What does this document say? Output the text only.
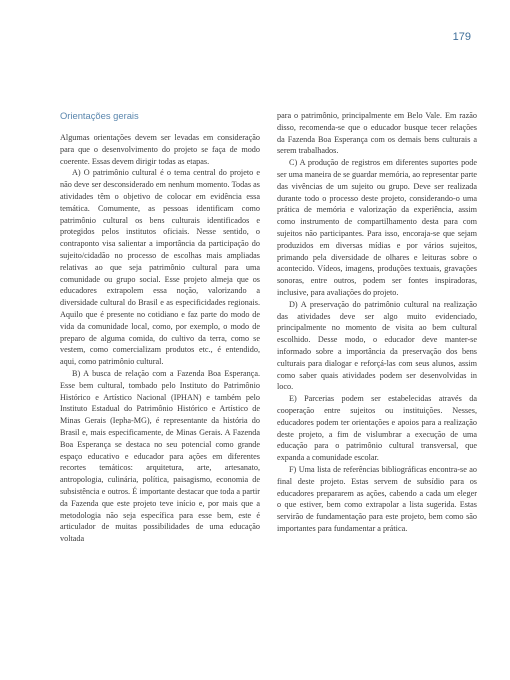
179
Orientações gerais

Algumas orientações devem ser levadas em consideração para que o desenvolvimento do projeto se faça de modo coerente. Essas devem dirigir todas as etapas.

A) O patrimônio cultural é o tema central do projeto e não deve ser desconsiderado em nenhum momento. Todas as atividades têm o objetivo de colocar em evidência essa temática. Comumente, as pessoas identificam como patrimônio cultural os bens culturais identificados e protegidos pelos institutos oficiais. Nesse sentido, o contraponto visa salientar a importância da participação do sujeito/cidadão no processo de escolhas mais ampliadas relativas ao que seja patrimônio cultural para uma comunidade ou grupo social. Esse projeto almeja que os educadores extrapolem essa noção, valorizando a diversidade cultural do Brasil e as especificidades regionais. Aquilo que é presente no cotidiano e faz parte do modo de vida da comunidade local, como, por exemplo, o modo de preparo de alguma comida, do cultivo da terra, como se vestem, como comercializam produtos etc., é entendido, aqui, como patrimônio cultural.

B) A busca de relação com a Fazenda Boa Esperança. Esse bem cultural, tombado pelo Instituto do Patrimônio Histórico e Artístico Nacional (IPHAN) e também pelo Instituto Estadual do Patrimônio Histórico e Artístico de Minas Gerais (Iepha-MG), é representante da história do Brasil e, mais especificamente, de Minas Gerais. A Fazenda Boa Esperança se destaca no seu potencial como grande espaço educativo e educador para ações em diferentes recortes temáticos: arquitetura, arte, artesanato, antropologia, culinária, política, paisagismo, economia de subsistência e outros. É importante destacar que toda a partir da Fazenda que este projeto teve início e, por mais que a metodologia não seja específica para esse bem, este é articulador de muitas possibilidades de uma educação voltada

para o patrimônio, principalmente em Belo Vale. Em razão disso, recomenda-se que o educador busque tecer relações da Fazenda Boa Esperança com os demais bens culturais a serem trabalhados.

C) A produção de registros em diferentes suportes pode ser uma maneira de se guardar memória, ao representar parte das vivências de um sujeito ou grupo. Deve ser realizada durante todo o processo deste projeto, considerando-o uma prática de memória e valorização da experiência, assim como instrumento de compartilhamento desta para com sujeitos não participantes. Para isso, encoraja-se que sejam produzidos em diversas mídias e por vários sujeitos, primando pela diversidade de olhares e leituras sobre o acontecido. Vídeos, imagens, produções textuais, gravações sonoras, entre outros, podem ser fontes inspiradoras, inclusive, para avaliações do projeto.

D) A preservação do patrimônio cultural na realização das atividades deve ser algo muito evidenciado, principalmente no momento de visita ao bem cultural escolhido. Desse modo, o educador deve manter-se informado sobre a importância da preservação dos bens culturais para dialogar e reforçá-las com seus alunos, assim como saber quais atividades podem ser desenvolvidas in loco.

E) Parcerias podem ser estabelecidas através da cooperação entre sujeitos ou instituições. Nesses, educadores podem ter orientações e apoios para a realização deste projeto, a fim de vislumbrar a execução de uma educação para o patrimônio cultural transversal, que expanda a comunidade escolar.

F) Uma lista de referências bibliográficas encontra-se ao final deste projeto. Estas servem de subsídio para os educadores prepararem as ações, cabendo a cada um eleger o que estiver, bem como extrapolar a lista sugerida. Estas servirão de fundamentação para este projeto, bem como são importantes para fundamentar a prática.
